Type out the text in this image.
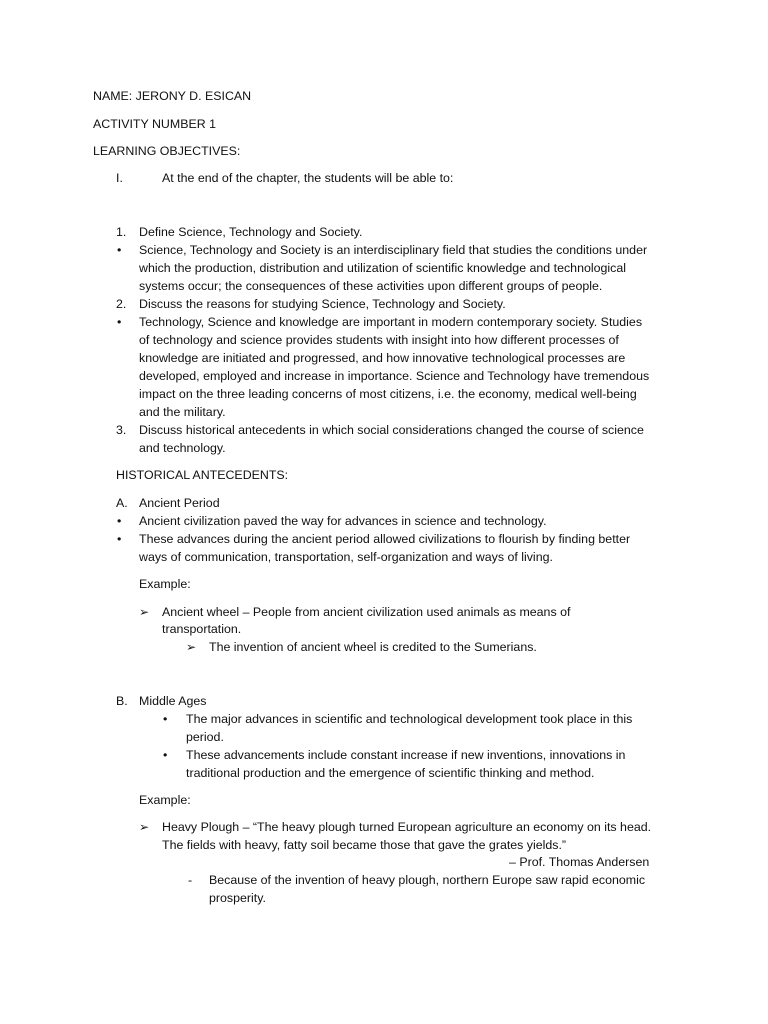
NAME: JERONY D. ESICAN
ACTIVITY NUMBER 1
LEARNING OBJECTIVES:
I.	At the end of the chapter, the students will be able to:
1. Define Science, Technology and Society.
• Science, Technology and Society is an interdisciplinary field that studies the conditions under
which the production, distribution and utilization of scientific knowledge and technological
systems occur; the consequences of these activities upon different groups of people.
2. Discuss the reasons for studying Science, Technology and Society.
• Technology, Science and knowledge are important in modern contemporary society. Studies
of technology and science provides students with insight into how different processes of
knowledge are initiated and progressed, and how innovative technological processes are
developed, employed and increase in importance. Science and Technology have tremendous
impact on the three leading concerns of most citizens, i.e. the economy, medical well-being
and the military.
3. Discuss historical antecedents in which social considerations changed the course of science
and technology.
HISTORICAL ANTECEDENTS:
A. Ancient Period
• Ancient civilization paved the way for advances in science and technology.
• These advances during the ancient period allowed civilizations to flourish by finding better
ways of communication, transportation, self-organization and ways of living.
Example:
➢ Ancient wheel – People from ancient civilization used animals as means of
transportation.
➢ The invention of ancient wheel is credited to the Sumerians.
B. Middle Ages
• The major advances in scientific and technological development took place in this
period.
• These advancements include constant increase if new inventions, innovations in
traditional production and the emergence of scientific thinking and method.
Example:
➢ Heavy Plough – “The heavy plough turned European agriculture an economy on its head.
The fields with heavy, fatty soil became those that gave the grates yields.”
– Prof. Thomas Andersen
- Because of the invention of heavy plough, northern Europe saw rapid economic
prosperity.
